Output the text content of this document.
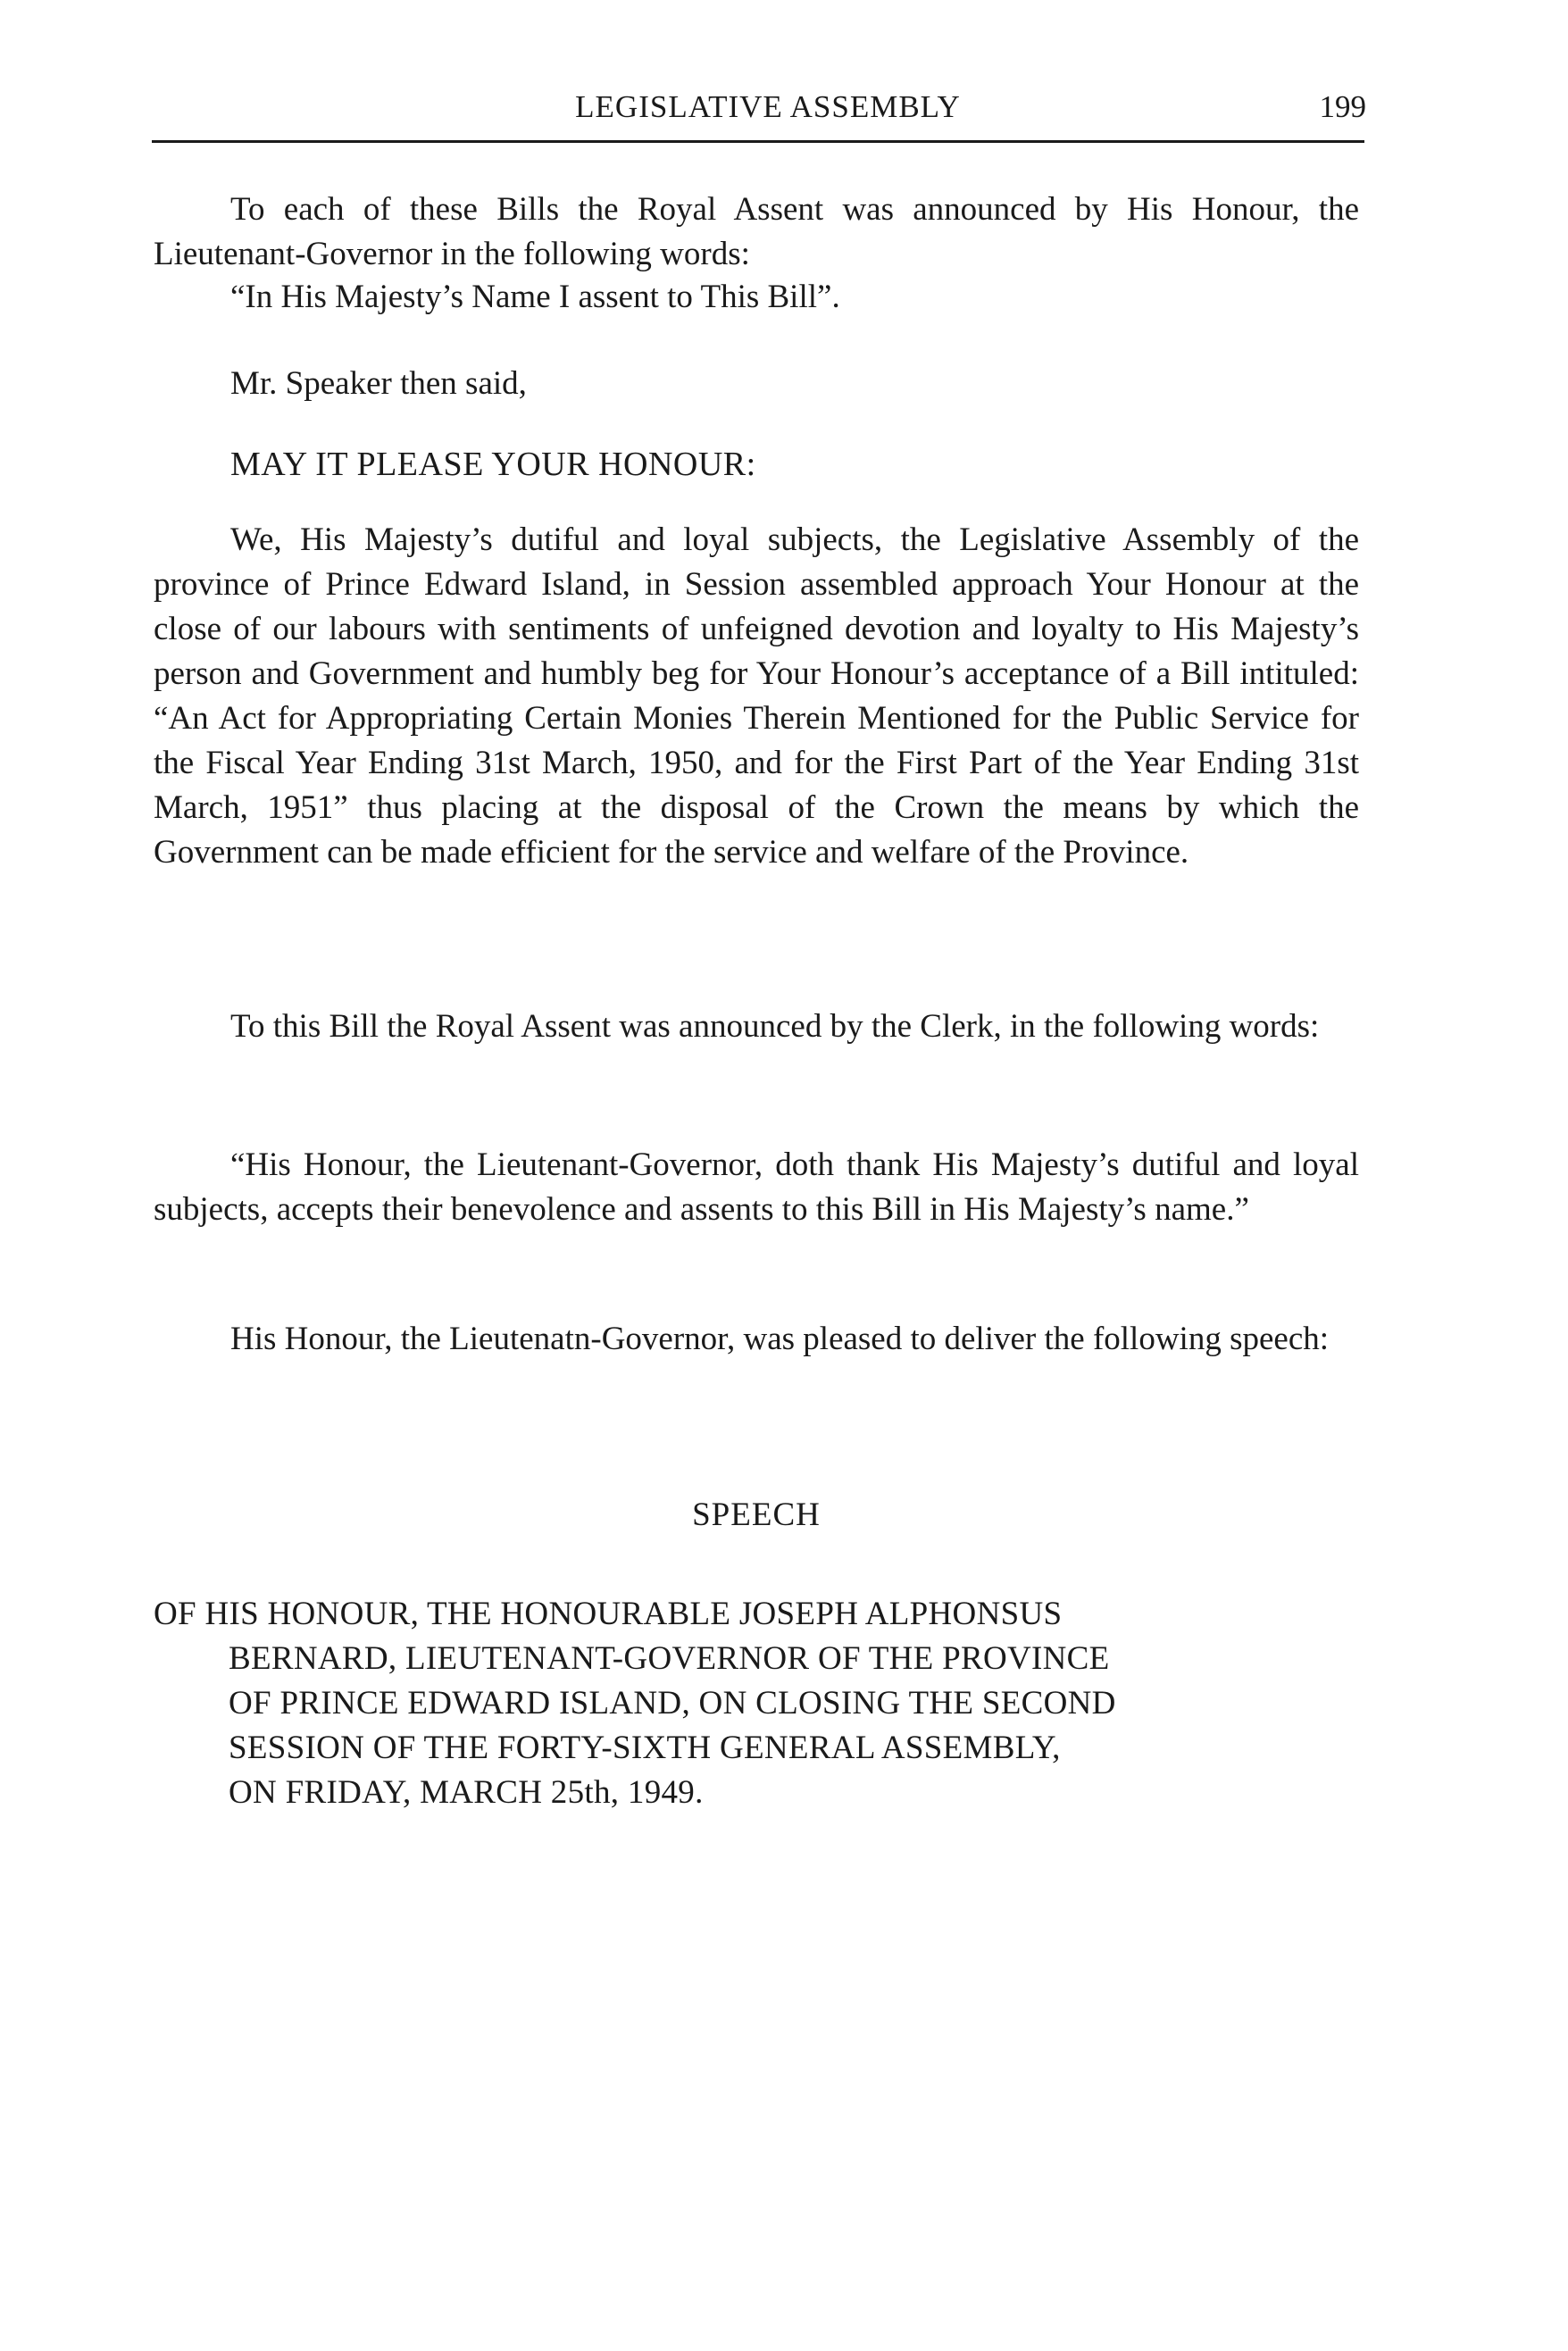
LEGISLATIVE ASSEMBLY	199
To each of these Bills the Royal Assent was announced by His Honour, the Lieutenant-Governor in the following words:
“In His Majesty’s Name I assent to This Bill”.
Mr. Speaker then said,
MAY IT PLEASE YOUR HONOUR:
We, His Majesty’s dutiful and loyal subjects, the Legislative Assembly of the province of Prince Edward Island, in Session assembled approach Your Honour at the close of our labours with sentiments of unfeigned devotion and loyalty to His Majesty’s person and Government and humbly beg for Your Honour’s acceptance of a Bill intituled: “An Act for Appropriating Certain Monies Therein Mentioned for the Public Service for the Fiscal Year Ending 31st March, 1950, and for the First Part of the Year Ending 31st March, 1951” thus placing at the disposal of the Crown the means by which the Government can be made efficient for the service and welfare of the Province.
To this Bill the Royal Assent was announced by the Clerk, in the following words:
“His Honour, the Lieutenant-Governor, doth thank His Majesty’s dutiful and loyal subjects, accepts their benevolence and assents to this Bill in His Majesty’s name.”
His Honour, the Lieutenatn-Governor, was pleased to deliver the following speech:
SPEECH
OF HIS HONOUR, THE HONOURABLE JOSEPH ALPHONSUS
BERNARD, LIEUTENANT-GOVERNOR OF THE PROVINCE
OF PRINCE EDWARD ISLAND, ON CLOSING THE SECOND
SESSION OF THE FORTY-SIXTH GENERAL ASSEMBLY,
ON FRIDAY, MARCH 25th, 1949.
